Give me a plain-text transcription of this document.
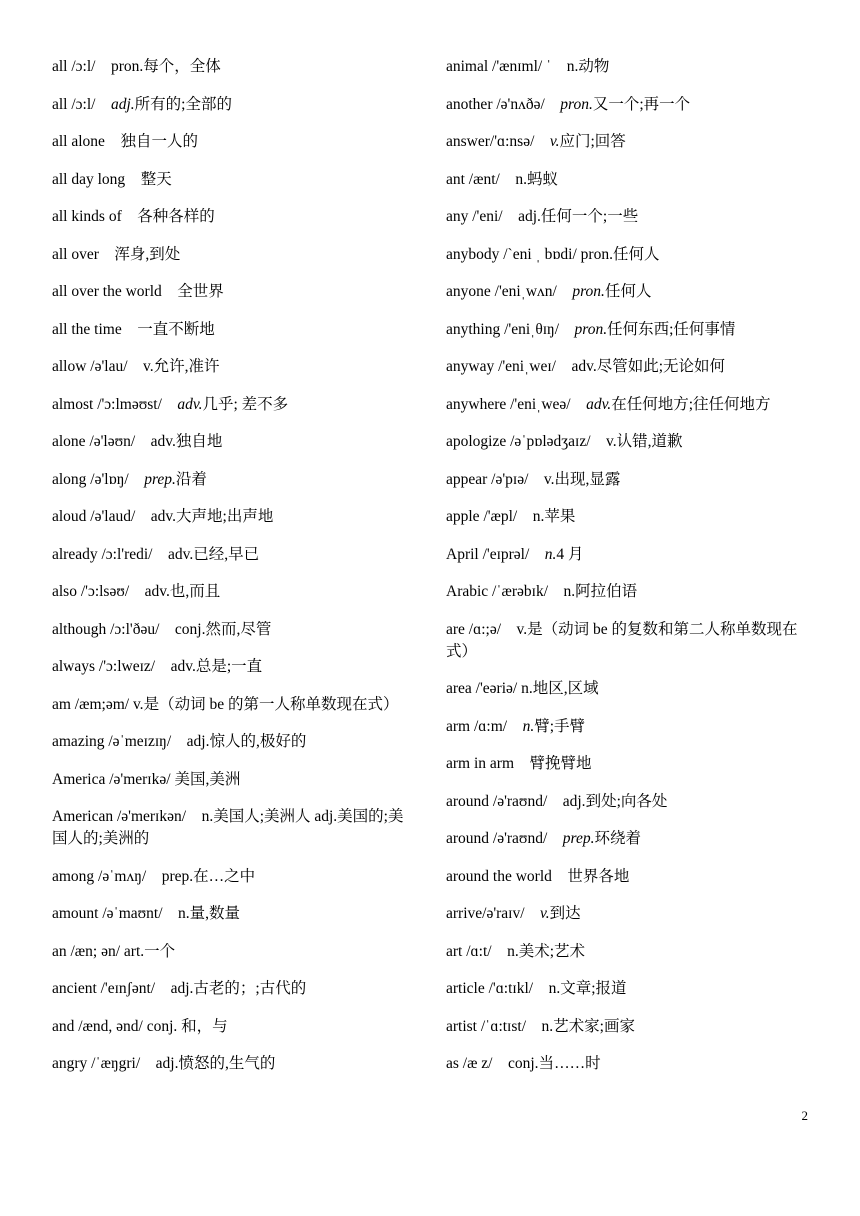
all /ɔ:l/ pron.每个，全体
all /ɔ:l/ adj.所有的;全部的
all alone 独自一人的
all day long 整天
all kinds of 各种各样的
all over 浑身,到处
all over the world 全世界
all the time 一直不断地
allow /ə'lau/ v.允许,准许
almost /'ɔ:lməʊst/ adv.几乎; 差不多
alone /ə'ləʊn/ adv.独自地
along /ə'lɒŋ/ prep.沿着
aloud /ə'laud/ adv.大声地;出声地
already /ɔ:l'redi/ adv.已经,早已
also /'ɔ:lsəʊ/ adv.也,而且
although /ɔ:l'ðəu/ conj.然而,尽管
always /'ɔ:lweɪz/ adv.总是;一直
am /æm;əm/ v.是（动词 be 的第一人称单数现在式）
amazing /əˈmeɪzɪŋ/ adj.惊人的,极好的
America /ə'merɪkə/ 美国,美洲
American /ə'merɪkən/ n.美国人;美洲人 adj.美国的;美国人的;美洲的
among /əˈmʌŋ/ prep.在…之中
amount /əˈmaʊnt/ n.量,数量
an /æn; ən/ art.一个
ancient /'eɪnʃənt/ adj.古老的；;古代的
and /ænd, ənd/ conj. 和，与
angry /ˈæŋgri/ adj.愤怒的,生气的
animal /'ænɪml/ ˈ n.动物
another /ə'nʌðə/ pron.又一个;再一个
answer/'ɑ:nsə/ v.应门;回答
ant /ænt/ n.蚂蚁
any /'eni/ adj.任何一个;一些
anybody /ˋeni ˌ bɒdi/ pron.任何人
anyone /'eniˌwʌn/ pron.任何人
anything /'eniˌθɪŋ/ pron.任何东西;任何事情
anyway /'eniˌweɪ/ adv.尽管如此;无论如何
anywhere /'eniˌweə/ adv.在任何地方;往任何地方
apologize /əˈpɒlədʒaɪz/ v.认错,道歉
appear /ə'pɪə/ v.出现,显露
apple /'æpl/ n.苹果
April /'eɪprəl/ n.4 月
Arabic /ˈærəbɪk/ n.阿拉伯语
are /ɑ:;ə/ v.是（动词 be 的复数和第二人称单数现在式）
area /'eəriə/ n.地区,区域
arm /ɑ:m/ n.臂;手臂
arm in arm 臂挽臂地
around /ə'raʊnd/ adj.到处;向各处
around /ə'raʊnd/ prep.环绕着
around the world 世界各地
arrive/ə'raɪv/ v.到达
art /ɑ:t/ n.美术;艺术
article /'ɑ:tɪkl/ n.文章;报道
artist /ˈɑ:tɪst/ n.艺术家;画家
as /æ z/ conj.当……时
2
